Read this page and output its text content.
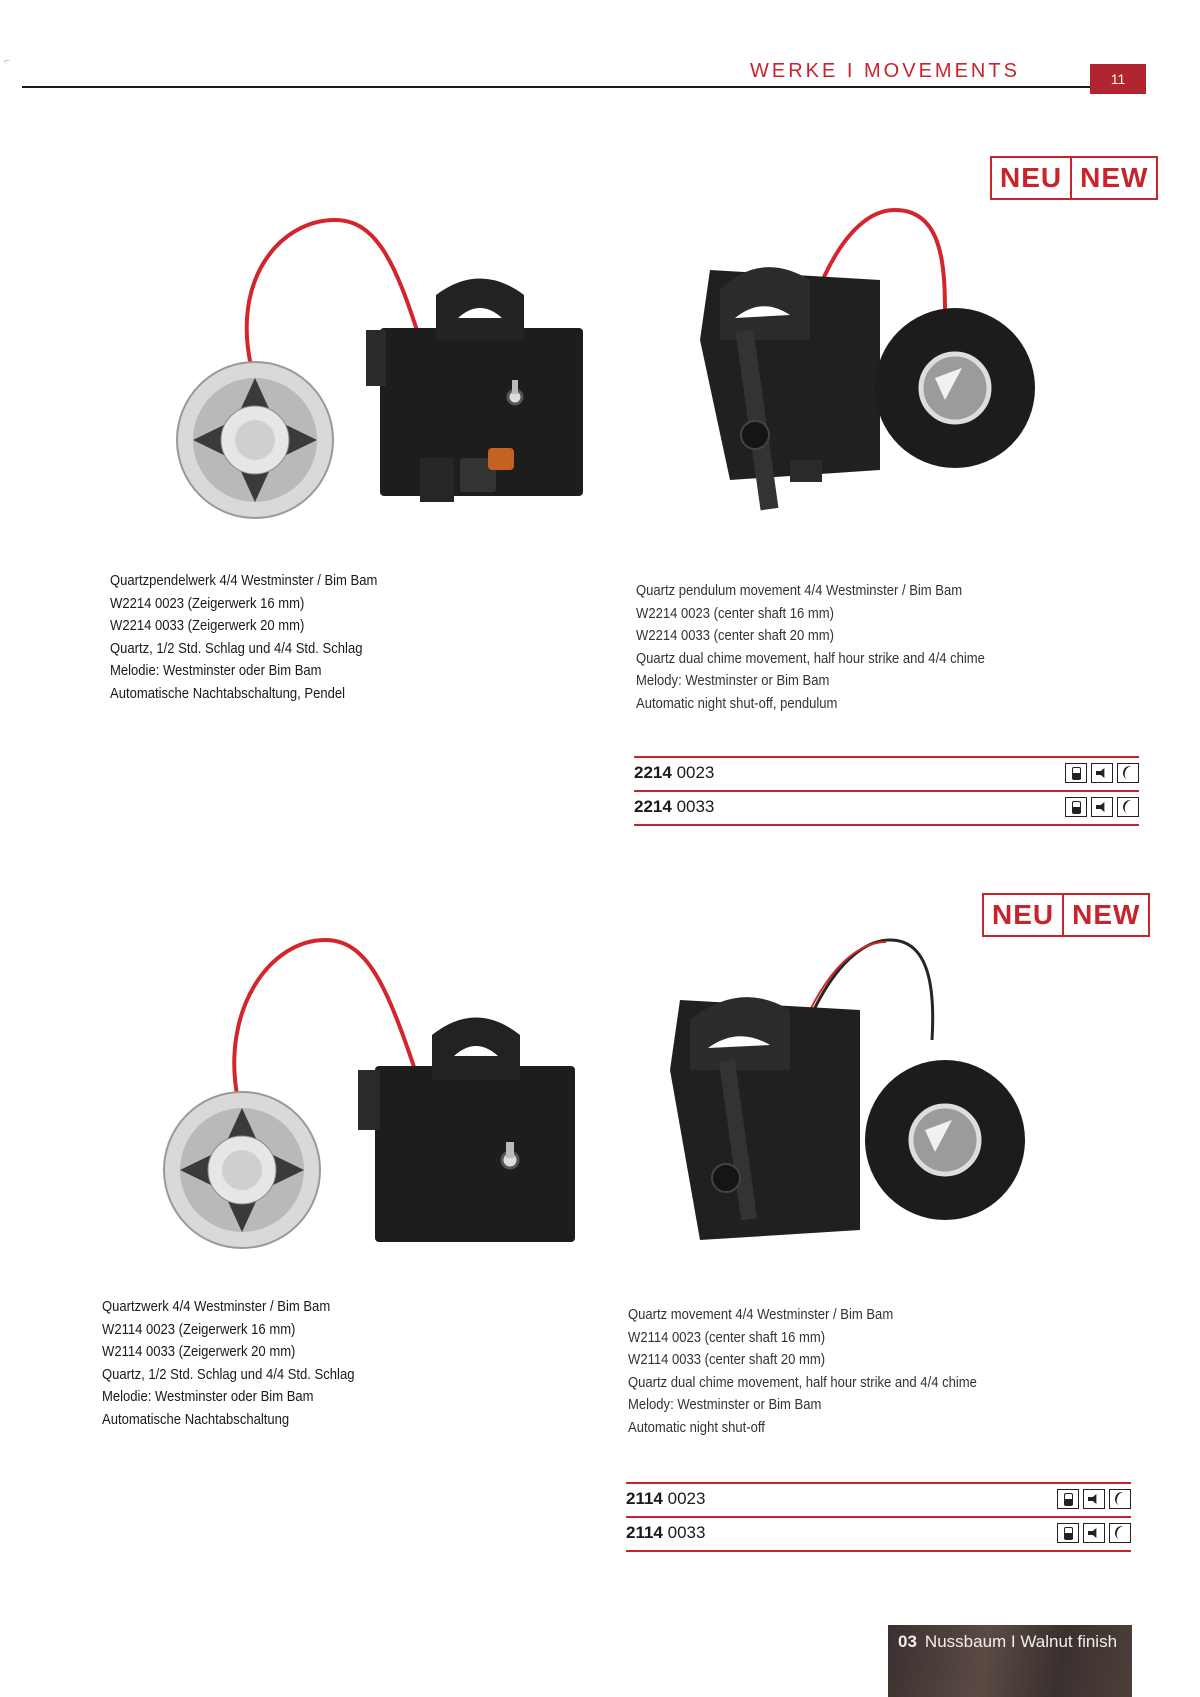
⌐	WERKE I MOVEMENTS	11
NEU NEW
Quartzpendelwerk 4/4 Westminster / Bim Bam
W2214 0023 (Zeigerwerk 16 mm)
W2214 0033 (Zeigerwerk 20 mm)
Quartz, 1/2 Std. Schlag und 4/4 Std. Schlag
Melodie: Westminster oder Bim Bam
Automatische Nachtabschaltung, Pendel
Quartz pendulum movement 4/4 Westminster / Bim Bam
W2214 0023 (center shaft 16 mm)
W2214 0033 (center shaft 20 mm)
Quartz dual chime movement, half hour strike and 4/4 chime
Melody: Westminster or Bim Bam
Automatic night shut-off, pendulum
2214 0023
2214 0033
NEU NEW
Quartzwerk 4/4 Westminster / Bim Bam
W2114 0023 (Zeigerwerk 16 mm)
W2114 0033 (Zeigerwerk 20 mm)
Quartz, 1/2 Std. Schlag und 4/4 Std. Schlag
Melodie: Westminster oder Bim Bam
Automatische Nachtabschaltung
Quartz movement 4/4 Westminster / Bim Bam
W2114 0023 (center shaft 16 mm)
W2114 0033 (center shaft 20 mm)
Quartz dual chime movement, half hour strike and 4/4 chime
Melody: Westminster or Bim Bam
Automatic night shut-off
2114 0023
2114 0033
03 Nussbaum I Walnut finish
